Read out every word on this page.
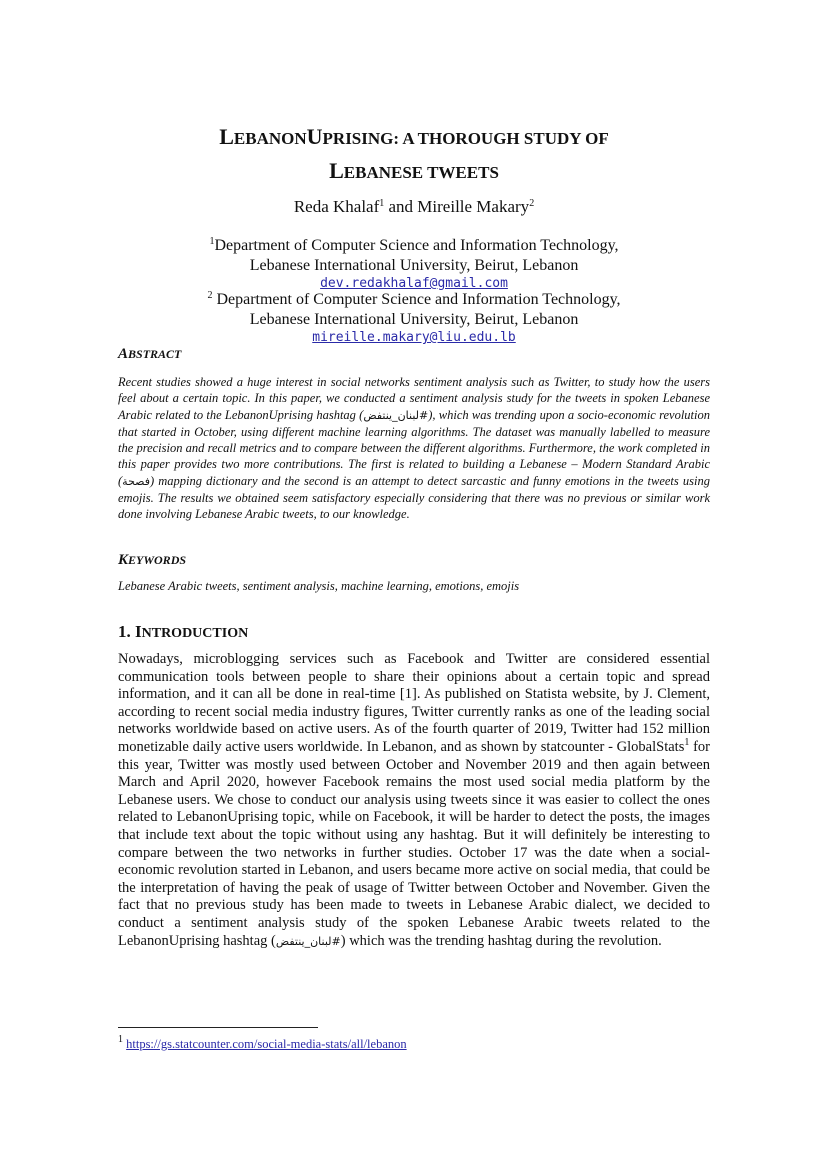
LEBANONUPRISING: A THOROUGH STUDY OF
LEBANESE TWEETS
Reda Khalaf$^1$ and Mireille Makary$^2$
$^1$Department of Computer Science and Information Technology,
Lebanese International University, Beirut, Lebanon
dev.redakhalaf@gmail.com
$^2$ Department of Computer Science and Information Technology,
Lebanese International University, Beirut, Lebanon
mireille.makary@liu.edu.lb
ABSTRACT
Recent studies showed a huge interest in social networks sentiment analysis such as Twitter, to study how the users feel about a certain topic. In this paper, we conducted a sentiment analysis study for the tweets in spoken Lebanese Arabic related to the LebanonUprising hashtag (#لبنان_ينتفض), which was trending upon a socio-economic revolution that started in October, using different machine learning algorithms. The dataset was manually labelled to measure the precision and recall metrics and to compare between the different algorithms. Furthermore, the work completed in this paper provides two more contributions. The first is related to building a Lebanese – Modern Standard Arabic (فصحة) mapping dictionary and the second is an attempt to detect sarcastic and funny emotions in the tweets using emojis. The results we obtained seem satisfactory especially considering that there was no previous or similar work done involving Lebanese Arabic tweets, to our knowledge.
KEYWORDS
Lebanese Arabic tweets, sentiment analysis, machine learning, emotions, emojis
1. INTRODUCTION
Nowadays, microblogging services such as Facebook and Twitter are considered essential communication tools between people to share their opinions about a certain topic and spread information, and it can all be done in real-time [1]. As published on Statista website, by J. Clement, according to recent social media industry figures, Twitter currently ranks as one of the leading social networks worldwide based on active users. As of the fourth quarter of 2019, Twitter had 152 million monetizable daily active users worldwide. In Lebanon, and as shown by statcounter - GlobalStats$^1$ for this year, Twitter was mostly used between October and November 2019 and then again between March and April 2020, however Facebook remains the most used social media platform by the Lebanese users. We chose to conduct our analysis using tweets since it was easier to collect the ones related to LebanonUprising topic, while on Facebook, it will be harder to detect the posts, the images that include text about the topic without using any hashtag. But it will definitely be interesting to compare between the two networks in further studies. October 17 was the date when a social-economic revolution started in Lebanon, and users became more active on social media, that could be the interpretation of having the peak of usage of Twitter between October and November. Given the fact that no previous study has been made to tweets in Lebanese Arabic dialect, we decided to conduct a sentiment analysis study of the spoken Lebanese Arabic tweets related to the LebanonUprising hashtag (#لبنان_ينتفض) which was the trending hashtag during the revolution.
$^1$ https://gs.statcounter.com/social-media-stats/all/lebanon
